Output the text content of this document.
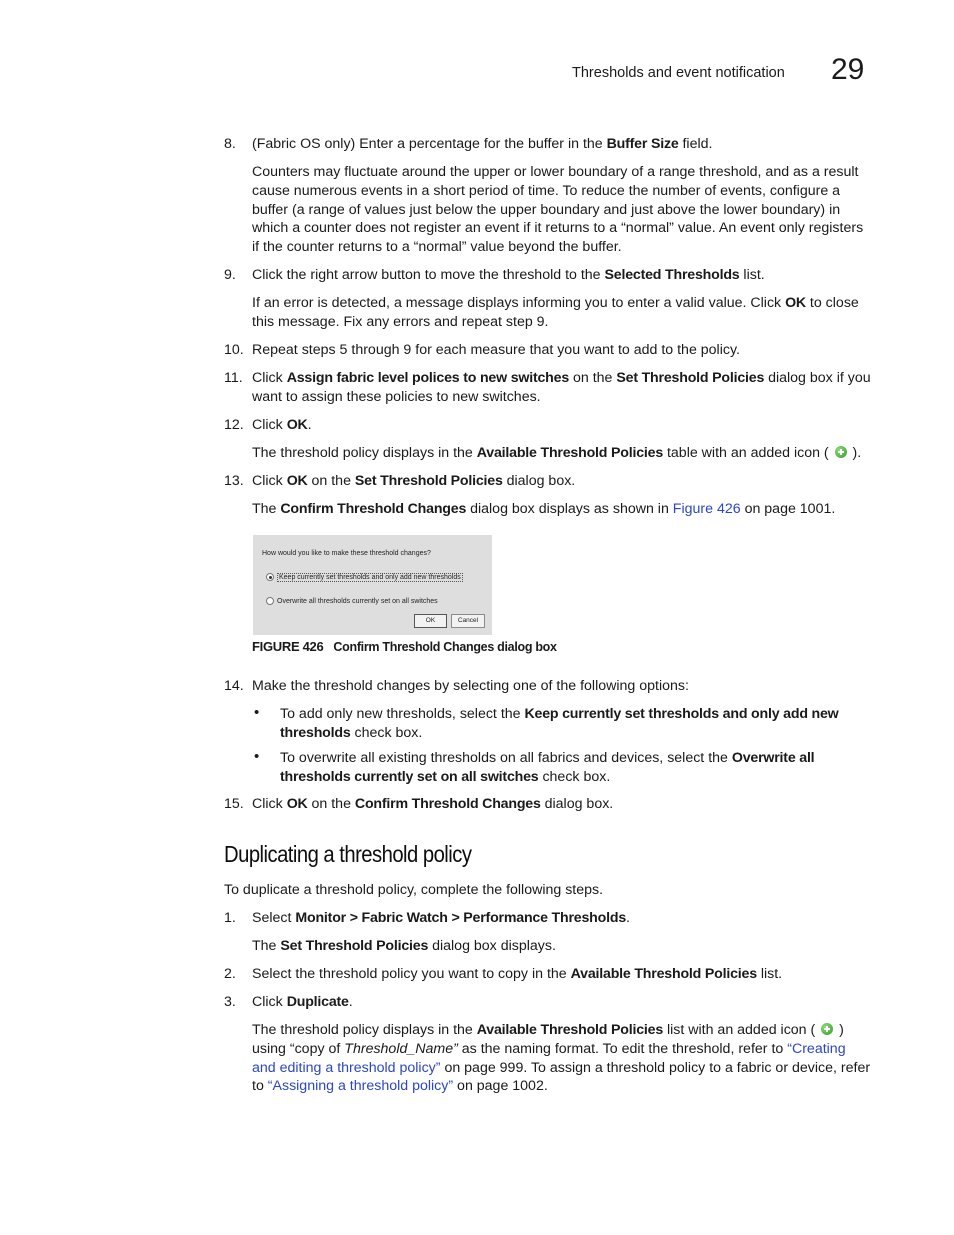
Thresholds and event notification 29
8.	(Fabric OS only) Enter a percentage for the buffer in the Buffer Size field.
Counters may fluctuate around the upper or lower boundary of a range threshold, and as a result cause numerous events in a short period of time. To reduce the number of events, configure a buffer (a range of values just below the upper boundary and just above the lower boundary) in which a counter does not register an event if it returns to a “normal” value. An event only registers if the counter returns to a “normal” value beyond the buffer.
9.	Click the right arrow button to move the threshold to the Selected Thresholds list.
If an error is detected, a message displays informing you to enter a valid value. Click OK to close this message. Fix any errors and repeat step 9.
10. Repeat steps 5 through 9 for each measure that you want to add to the policy.
11. Click Assign fabric level polices to new switches on the Set Threshold Policies dialog box if you want to assign these policies to new switches.
12. Click OK.
The threshold policy displays in the Available Threshold Policies table with an added icon (  ).
13. Click OK on the Set Threshold Policies dialog box.
The Confirm Threshold Changes dialog box displays as shown in Figure 426 on page 1001.
How would you like to make these threshold changes?
Keep currently set thresholds and only add new thresholds
Overwrite all thresholds currently set on all switches
OK	Cancel
FIGURE 426 Confirm Threshold Changes dialog box
14. Make the threshold changes by selecting one of the following options:
• To add only new thresholds, select the Keep currently set thresholds and only add new thresholds check box.
• To overwrite all existing thresholds on all fabrics and devices, select the Overwrite all thresholds currently set on all switches check box.
15. Click OK on the Confirm Threshold Changes dialog box.
Duplicating a threshold policy
To duplicate a threshold policy, complete the following steps.
1.	Select Monitor > Fabric Watch > Performance Thresholds.
The Set Threshold Policies dialog box displays.
2.	Select the threshold policy you want to copy in the Available Threshold Policies list.
3.	Click Duplicate.
The threshold policy displays in the Available Threshold Policies list with an added icon (  ) using “copy of Threshold_Name” as the naming format. To edit the threshold, refer to “Creating and editing a threshold policy” on page 999. To assign a threshold policy to a fabric or device, refer to “Assigning a threshold policy” on page 1002.
